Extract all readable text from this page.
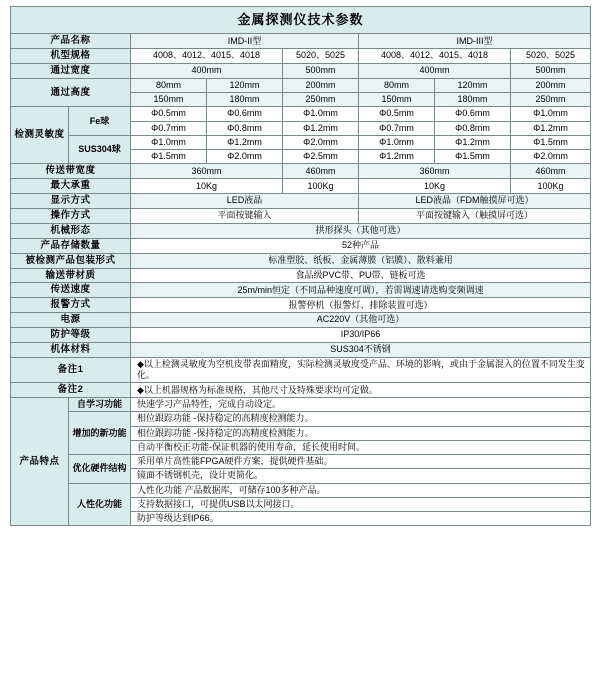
金属探测仪技术参数							
产品名称		IMD-II型			IMD-III型		
机型规格		4008、4012、4015、4018		5020、5025	4008、4012、4015、4018		5020、5025
通过宽度		400mm		500mm	400mm		500mm
通过高度		80mm	120mm	200mm	80mm	120mm	200mm
		150mm	180mm	250mm	150mm	180mm	250mm
检测灵敏度	Fe球	Φ0.5mm	Φ0.6mm	Φ1.0mm	Φ0.5mm	Φ0.6mm	Φ1.0mm
		Φ0.7mm	Φ0.8mm	Φ1.2mm	Φ0.7mm	Φ0.8mm	Φ1.2mm
	SUS304球	Φ1.0mm	Φ1.2mm	Φ2.0mm	Φ1.0mm	Φ1.2mm	Φ1.5mm
		Φ1.5mm	Φ2.0mm	Φ2.5mm	Φ1.2mm	Φ1.5mm	Φ2.0mm
传送带宽度		360mm		460mm	360mm		460mm
最大承重		10Kg		100Kg	10Kg		100Kg
显示方式		LED液晶			LED液晶（FDM触摸屏可选）		
操作方式		平面按键输入			平面按键输入（触摸屏可选）		
机械形态		拱形探头（其他可选）					
产品存储数量		52种产品					
被检测产品包装形式		标准塑胶、纸板、金属薄膜（铝膜）、散料兼用					
输送带材质		食品级PVC带、PU带、链板可选					
传送速度		25m/min恒定（不同品种速度可调），若需调速请选购变频调速					
报警方式		报警停机（报警灯、排除装置可选）					
电源		AC220V（其他可选）					
防护等级		IP30/IP66					
机体材料		SUS304不锈钢					
备注1		◆以上检测灵敏度为空机皮带表面精度，实际检测灵敏度受产品、环境的影响，或由于金属混入的位置不同发生变化。					
备注2		◆以上机器规格为标准规格，其他尺寸及特殊要求均可定做。					
产品特点	自学习功能	快速学习产品特性，完成自动设定。					
	增加的新功能	相位跟踪功能 -保持稳定的高精度检测能力。					
		相位跟踪功能 -保持稳定的高精度检测能力。					
		自动平衡校正功能-保证机器的使用寿命，延长使用时间。					
	优化硬件结构	采用单片高性能FPGA硬件方案，提供硬件基础。					
		镜面不锈钢机壳，设计更简化。					
	人性化功能	人性化功能 产品数据库，可储存100多种产品。					
		支持数据接口，可提供USB以太网接口。					
		防护等级达到IP66。					
